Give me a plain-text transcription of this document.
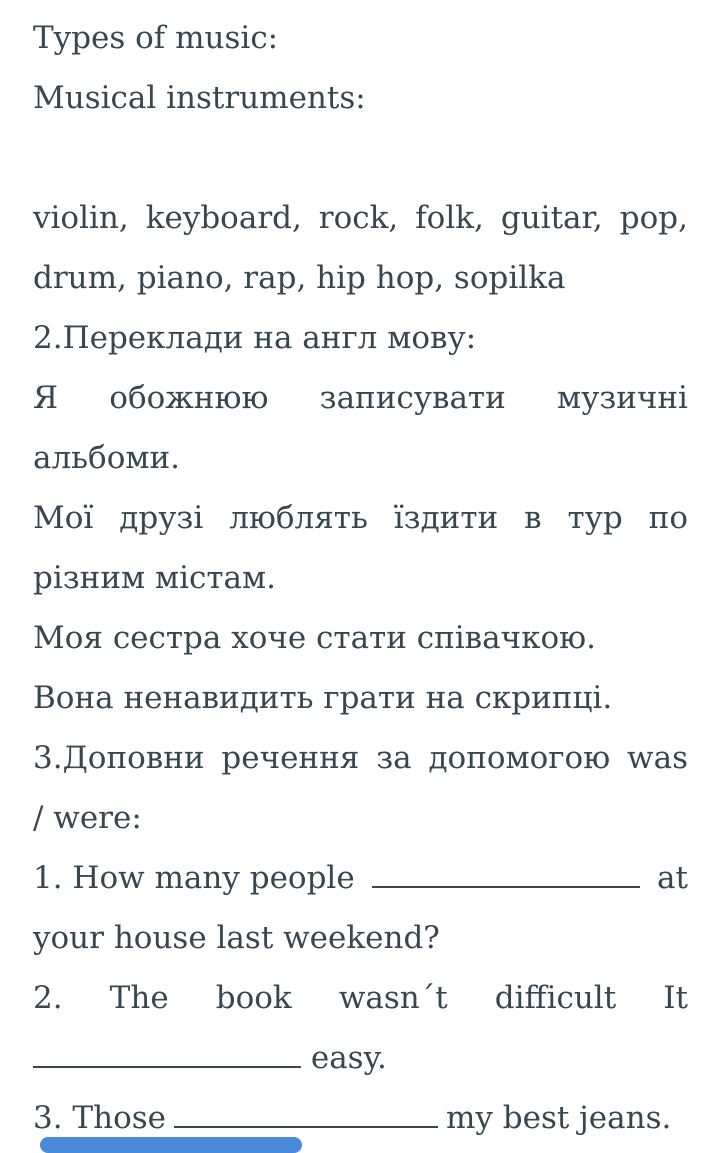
Types of music:
Musical instruments:
violin, keyboard, rock, folk, guitar, pop,
drum, piano, rap, hip hop, sopilka
2.Переклади на англ мову:
Я обожнюю записувати музичні
альбоми.
Мої друзі люблять їздити в тур по
різним містам.
Моя сестра хоче стати співачкою.
Вона ненавидить грати на скрипці.
3.Доповни речення за допомогою was
/ were:
1. How many people	at
your house last weekend?
2. The book wasn´t difficult It
easy.
3. Those	my best jeans.
